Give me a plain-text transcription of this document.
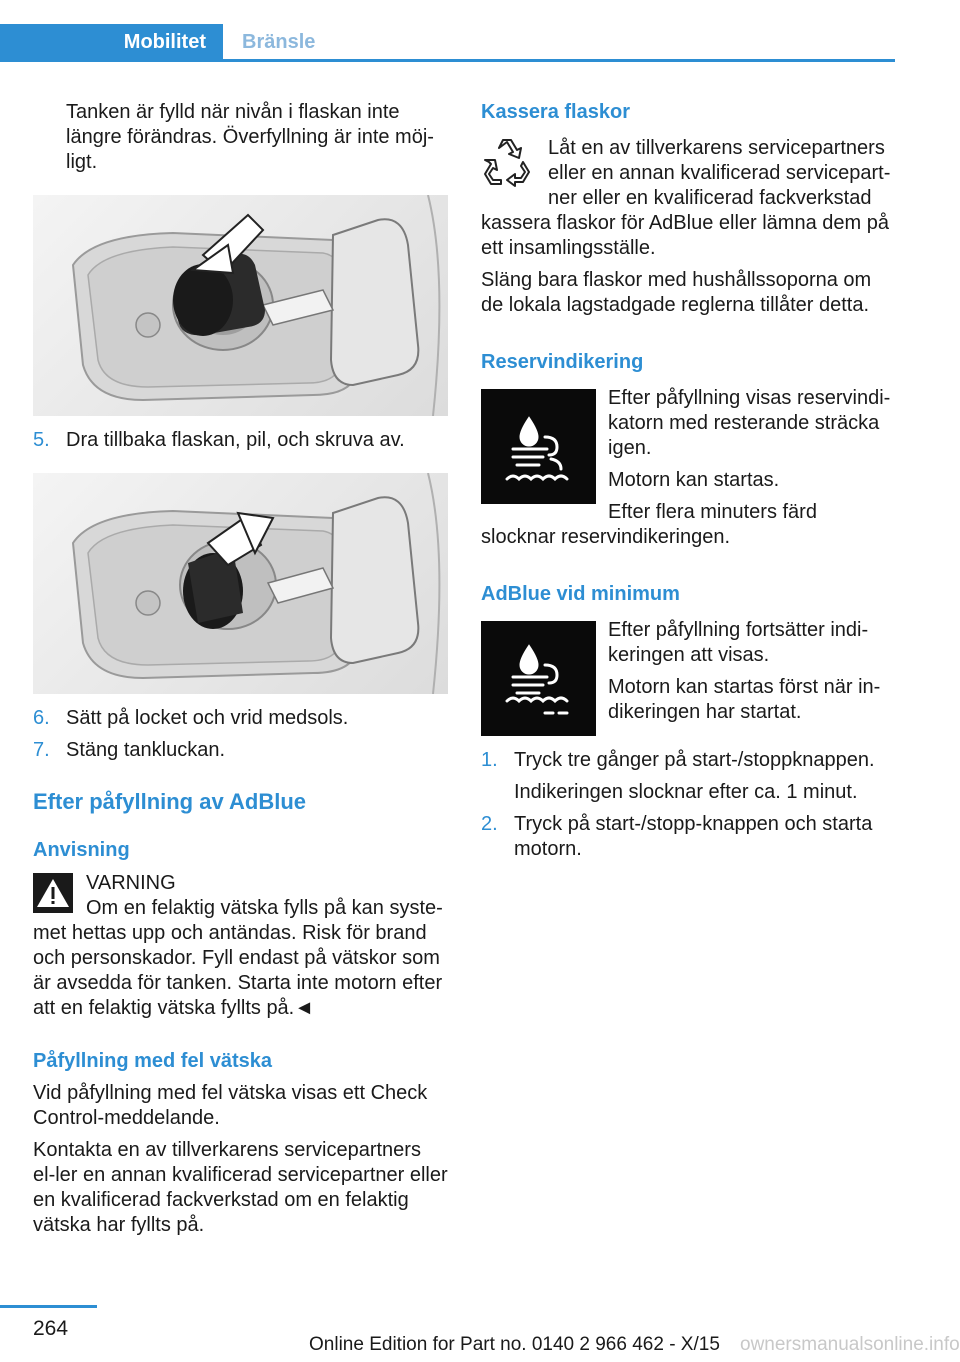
Mobilitet Bränsle

Tanken är fylld när nivån i flaskan inte längre förändras. Överfyllning är inte möj-ligt.

5. Dra tillbaka flaskan, pil, och skruva av.
6. Sätt på locket och vrid medsols.
7. Stäng tankluckan.
Efter påfyllning av AdBlue
Anvisning

VARNING

Om en felaktig vätska fylls på kan syste-met hettas upp och antändas. Risk för brand och personskador. Fyll endast på vätskor som är avsedda för tanken. Starta inte motorn efter att en felaktig vätska fyllts på.◄

Påfyllning med fel vätska

Vid påfyllning med fel vätska visas ett Check Control-meddelande.

Kontakta en av tillverkarens servicepartners el-ler en annan kvalificerad servicepartner eller en kvalificerad fackverkstad om en felaktig vätska har fyllts på.

Kassera flaskor

Låt en av tillverkarens servicepartners eller en annan kvalificerad servicepart-ner eller en kvalificerad fackverkstad kassera flaskor för AdBlue eller lämna dem på ett insamlingsställe.

Släng bara flaskor med hushållssoporna om de lokala lagstadgade reglerna tillåter detta.

Reservindikering

Efter påfyllning visas reservindi-katorn med resterande sträcka igen.

Motorn kan startas.

Efter flera minuters färd slocknar reservindikeringen.

AdBlue vid minimum

Efter påfyllning fortsätter indi-keringen att visas.

Motorn kan startas först när in-dikeringen har startat.

1. Tryck tre gånger på start-/stoppknappen.

Indikeringen slocknar efter ca. 1 minut.
2. Tryck på start-/stopp-knappen och starta motorn.
264
Online Edition for Part no. 0140 2 966 462 - X/15 ownersmanualsonline.info
